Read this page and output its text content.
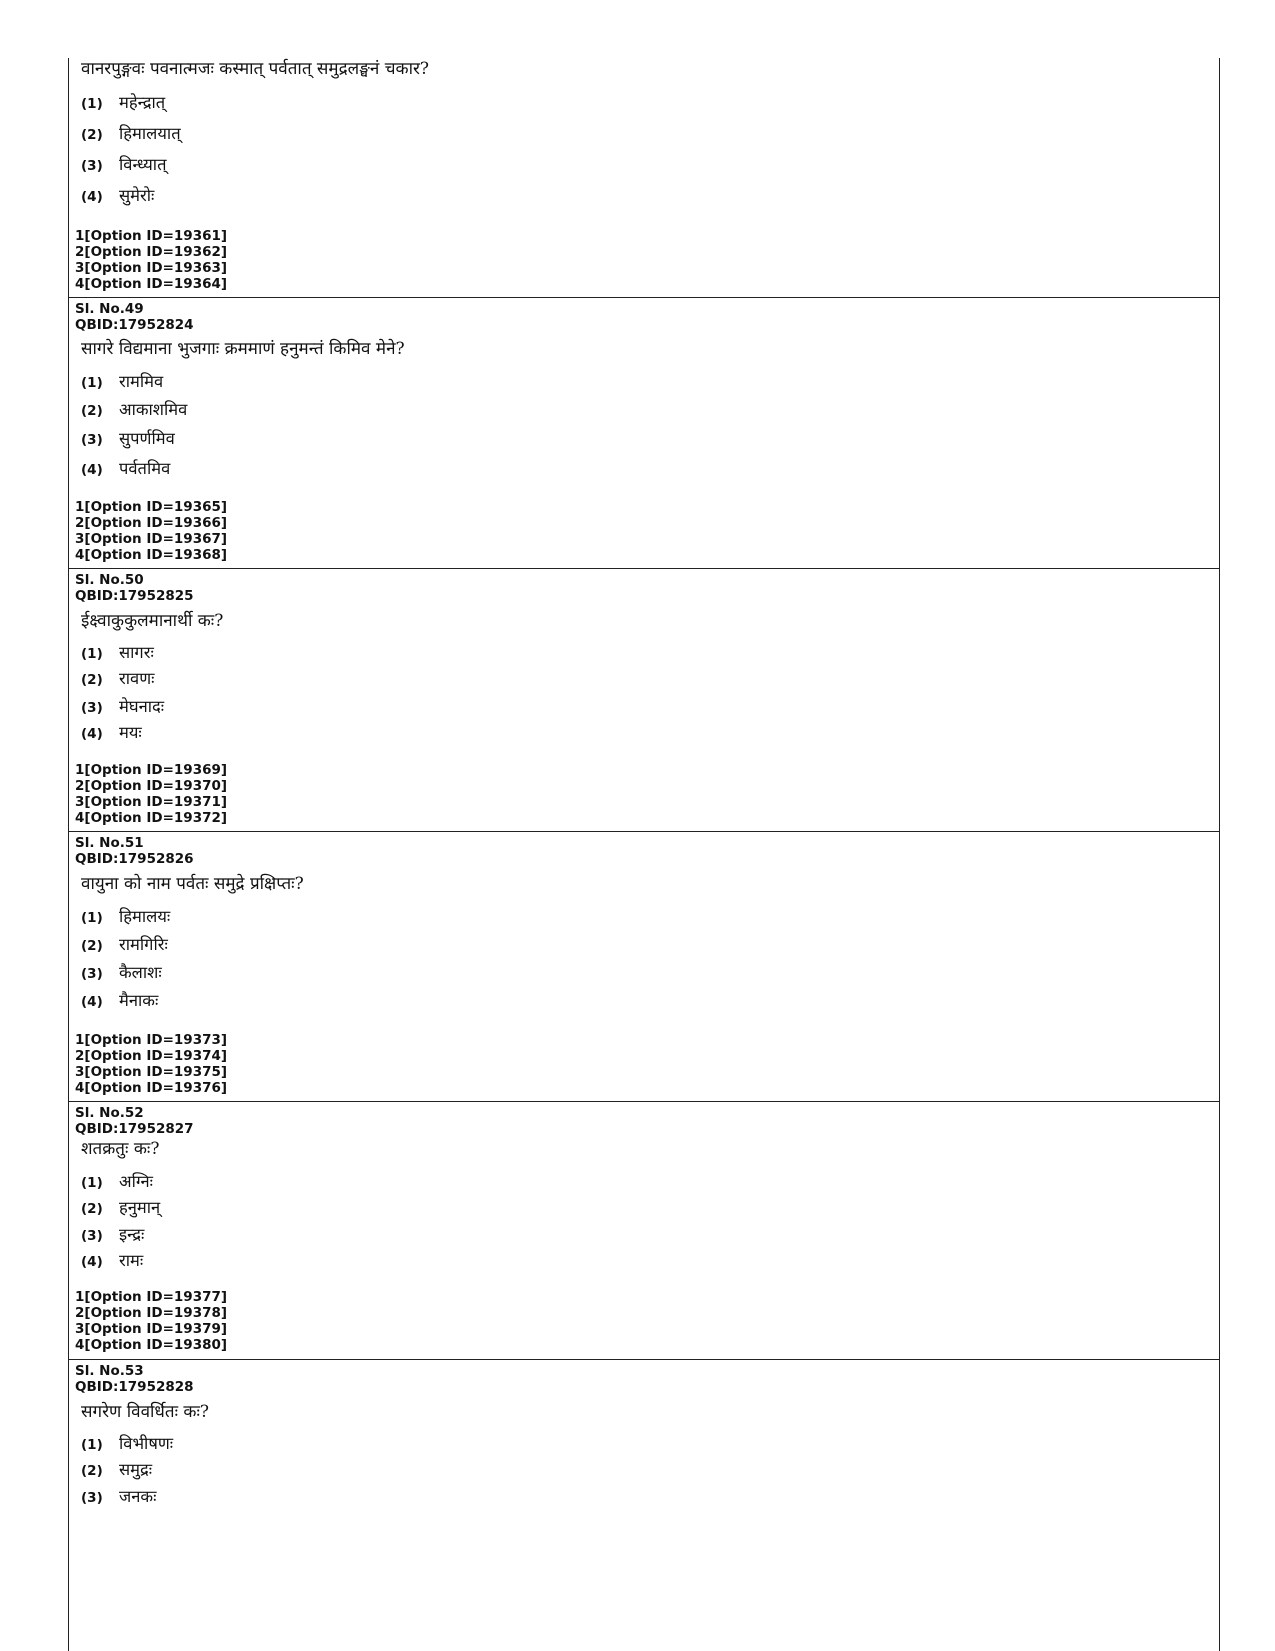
वानरपुङ्गवः पवनात्मजः कस्मात् पर्वतात् समुद्रलङ्घनं चकार?
(1) महेन्द्रात्
(2) हिमालयात्
(3) विन्ध्यात्
(4) सुमेरोः
1[Option ID=19361]
2[Option ID=19362]
3[Option ID=19363]
4[Option ID=19364]
Sl. No.49
QBID:17952824
सागरे विद्यमाना भुजगाः क्रममाणं हनुमन्तं किमिव मेने?
(1) राममिव
(2) आकाशमिव
(3) सुपर्णमिव
(4) पर्वतमिव
1[Option ID=19365]
2[Option ID=19366]
3[Option ID=19367]
4[Option ID=19368]
Sl. No.50
QBID:17952825
ईक्ष्वाकुकुलमानार्थी कः?
(1) सागरः
(2) रावणः
(3) मेघनादः
(4) मयः
1[Option ID=19369]
2[Option ID=19370]
3[Option ID=19371]
4[Option ID=19372]
Sl. No.51
QBID:17952826
वायुना को नाम पर्वतः समुद्रे प्रक्षिप्तः?
(1) हिमालयः
(2) रामगिरिः
(3) कैलाशः
(4) मैनाकः
1[Option ID=19373]
2[Option ID=19374]
3[Option ID=19375]
4[Option ID=19376]
Sl. No.52
QBID:17952827
शतक्रतुः कः?
(1) अग्निः
(2) हनुमान्
(3) इन्द्रः
(4) रामः
1[Option ID=19377]
2[Option ID=19378]
3[Option ID=19379]
4[Option ID=19380]
Sl. No.53
QBID:17952828
सगरेण विवर्धितः कः?
(1) विभीषणः
(2) समुद्रः
(3) जनकः
